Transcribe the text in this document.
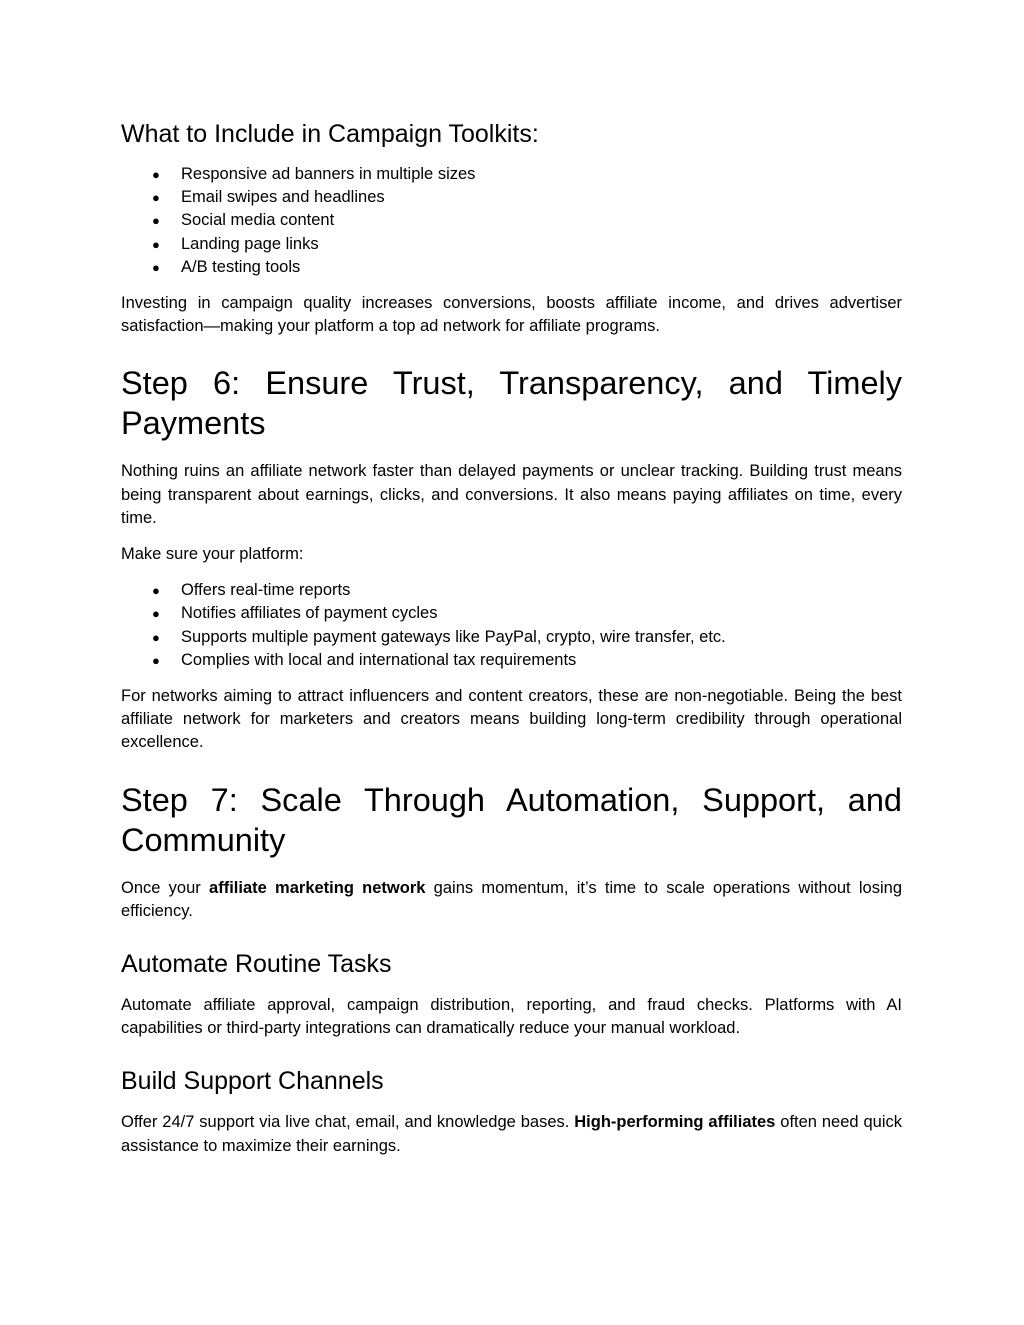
What to Include in Campaign Toolkits:
● Responsive ad banners in multiple sizes
● Email swipes and headlines
● Social media content
● Landing page links
● A/B testing tools

Investing in campaign quality increases conversions, boosts affiliate income, and drives advertiser satisfaction—making your platform a top ad network for affiliate programs.

Step 6: Ensure Trust, Transparency, and Timely Payments

Nothing ruins an affiliate network faster than delayed payments or unclear tracking. Building trust means being transparent about earnings, clicks, and conversions. It also means paying affiliates on time, every time.

Make sure your platform:

● Offers real-time reports
● Notifies affiliates of payment cycles
● Supports multiple payment gateways like PayPal, crypto, wire transfer, etc.
● Complies with local and international tax requirements

For networks aiming to attract influencers and content creators, these are non-negotiable. Being the best affiliate network for marketers and creators means building long-term credibility through operational excellence.

Step 7: Scale Through Automation, Support, and Community

Once your affiliate marketing network gains momentum, it’s time to scale operations without losing efficiency.

Automate Routine Tasks

Automate affiliate approval, campaign distribution, reporting, and fraud checks. Platforms with AI capabilities or third-party integrations can dramatically reduce your manual workload.

Build Support Channels

Offer 24/7 support via live chat, email, and knowledge bases. High-performing affiliates often need quick assistance to maximize their earnings.
